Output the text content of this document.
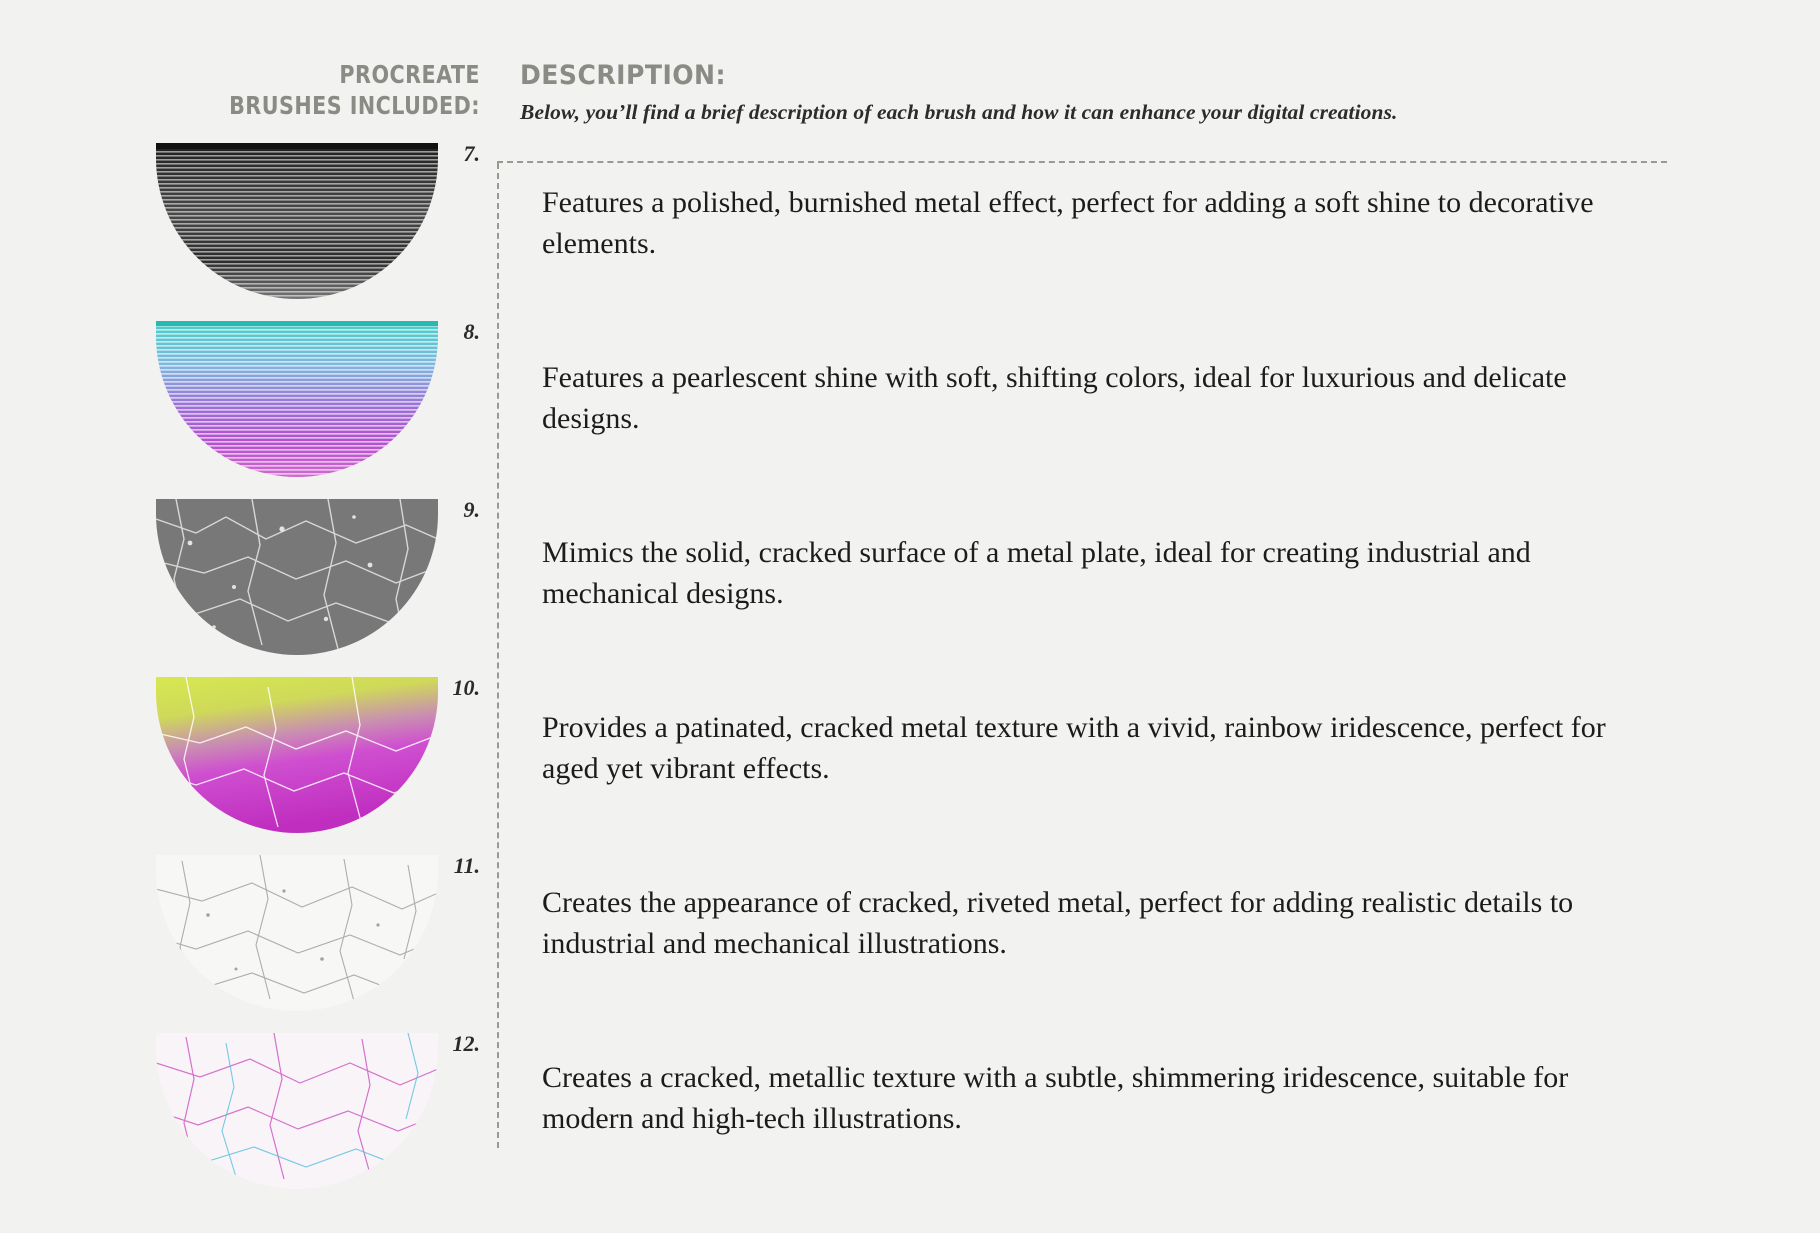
PROCREATE
BRUSHES INCLUDED:
7.
8.
9.
10.
11.
12.
DESCRIPTION:
Below, you’ll find a brief description of each brush and how it can enhance your digital creations.
Features a polished, burnished metal effect, perfect for adding a soft shine to decorative elements.
Features a pearlescent shine with soft, shifting colors, ideal for luxurious and delicate designs.
Mimics the solid, cracked surface of a metal plate, ideal for creating industrial and mechanical designs.
Provides a patinated, cracked metal texture with a vivid, rainbow iridescence, perfect for aged yet vibrant effects.
Creates the appearance of cracked, riveted metal, perfect for adding realistic details to industrial and mechanical illustrations.
Creates a cracked, metallic texture with a subtle, shimmering iridescence, suitable for modern and high-tech illustrations.
